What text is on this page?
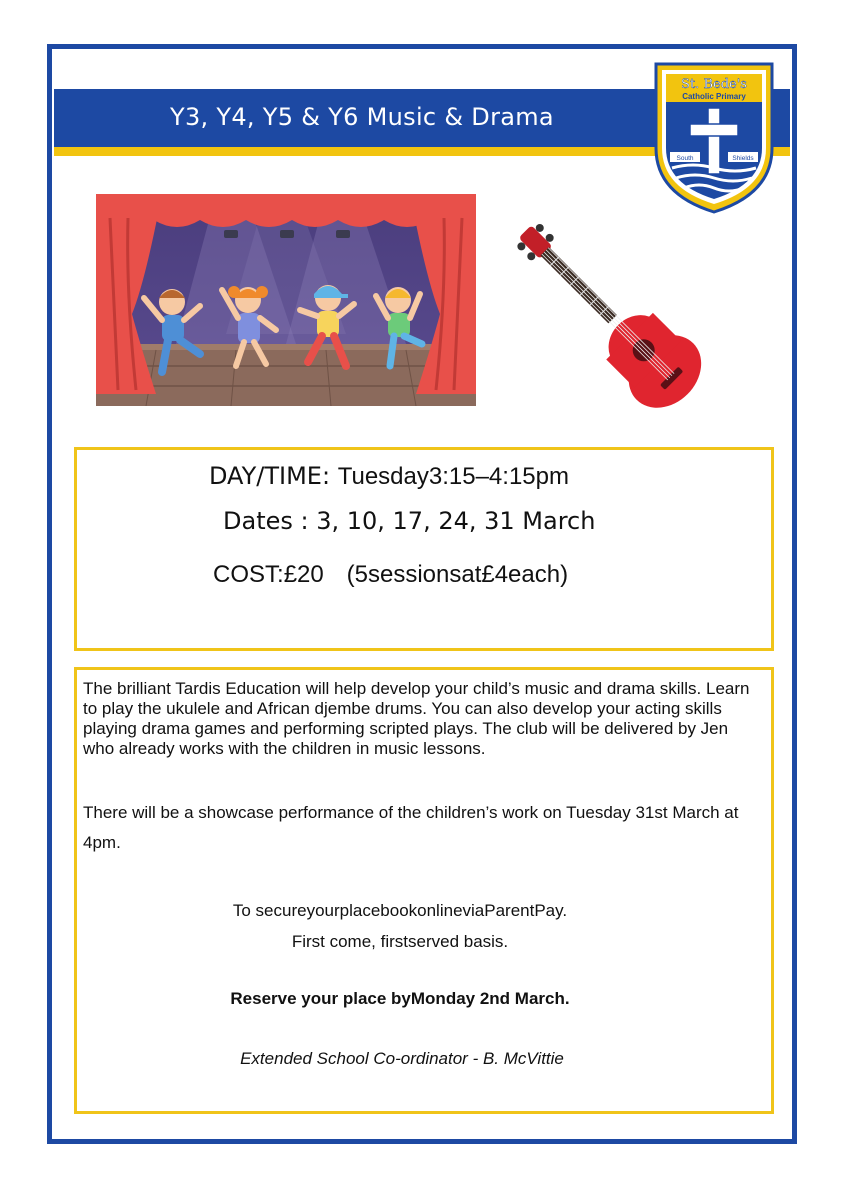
Y3, Y4, Y5 & Y6 Music & Drama
St. Bede's
Catholic Primary
South	Shields
DAY/TIME: Tuesday3:15–4:15pm
Dates : 3, 10, 17, 24, 31 March
COST:£20 (5sessionsat£4each)
The brilliant Tardis Education will help develop your child’s music and drama skills. Learn to play the ukulele and African djembe drums. You can also develop your acting skills playing drama games and performing scripted plays. The club will be delivered by Jen who already works with the children in music lessons.
There will be a showcase performance of the children’s work on Tuesday 31st March at 4pm.
To secureyourplacebookonlineviaParentPay.
First come, firstserved basis.
Reserve your place byMonday 2nd March.
Extended School Co-ordinator - B. McVittie
